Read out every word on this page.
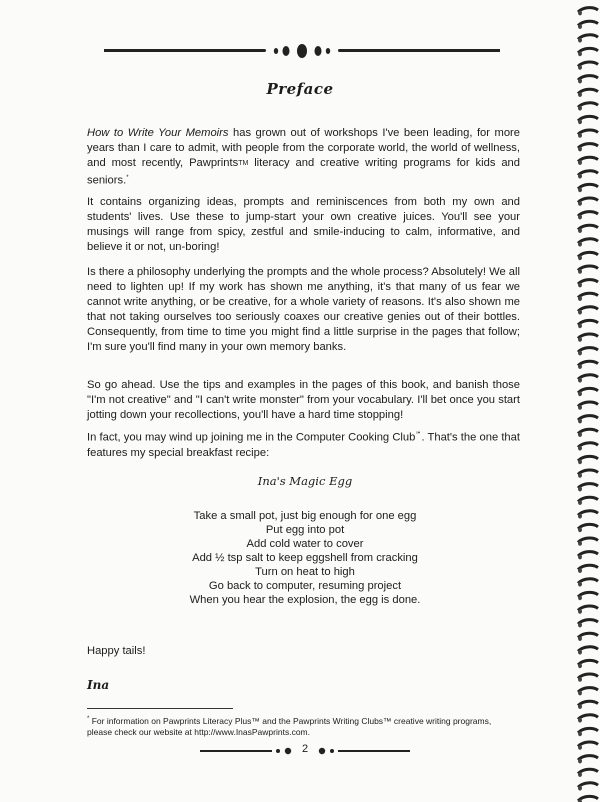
Preface

How to Write Your Memoirs has grown out of workshops I've been leading, for more years than I care to admit, with people from the corporate world, the world of wellness, and most recently, PawprintsTM literacy and creative writing programs for kids and seniors.*

It contains organizing ideas, prompts and reminiscences from both my own and students' lives. Use these to jump-start your own creative juices. You'll see your musings will range from spicy, zestful and smile-inducing to calm, informative, and believe it or not, un-boring!

Is there a philosophy underlying the prompts and the whole process? Absolutely! We all need to lighten up! If my work has shown me anything, it's that many of us fear we cannot write anything, or be creative, for a whole variety of reasons. It's also shown me that not taking ourselves too seriously coaxes our creative genies out of their bottles. Consequently, from time to time you might find a little surprise in the pages that follow; I'm sure you'll find many in your own memory banks.

So go ahead. Use the tips and examples in the pages of this book, and banish those "I'm not creative" and "I can't write monster" from your vocabulary. I'll bet once you start jotting down your recollections, you'll have a hard time stopping!

In fact, you may wind up joining me in the Computer Cooking Club℠. That's the one that features my special breakfast recipe:

Ina's Magic Egg
Take a small pot, just big enough for one egg
Put egg into pot
Add cold water to cover
Add ½ tsp salt to keep eggshell from cracking
Turn on heat to high
Go back to computer, resuming project
When you hear the explosion, the egg is done.
Happy tails!
Ina
* For information on Pawprints Literacy Plus™ and the Pawprints Writing Clubs™ creative writing programs, please check our website at http://www.InasPawprints.com.
2
